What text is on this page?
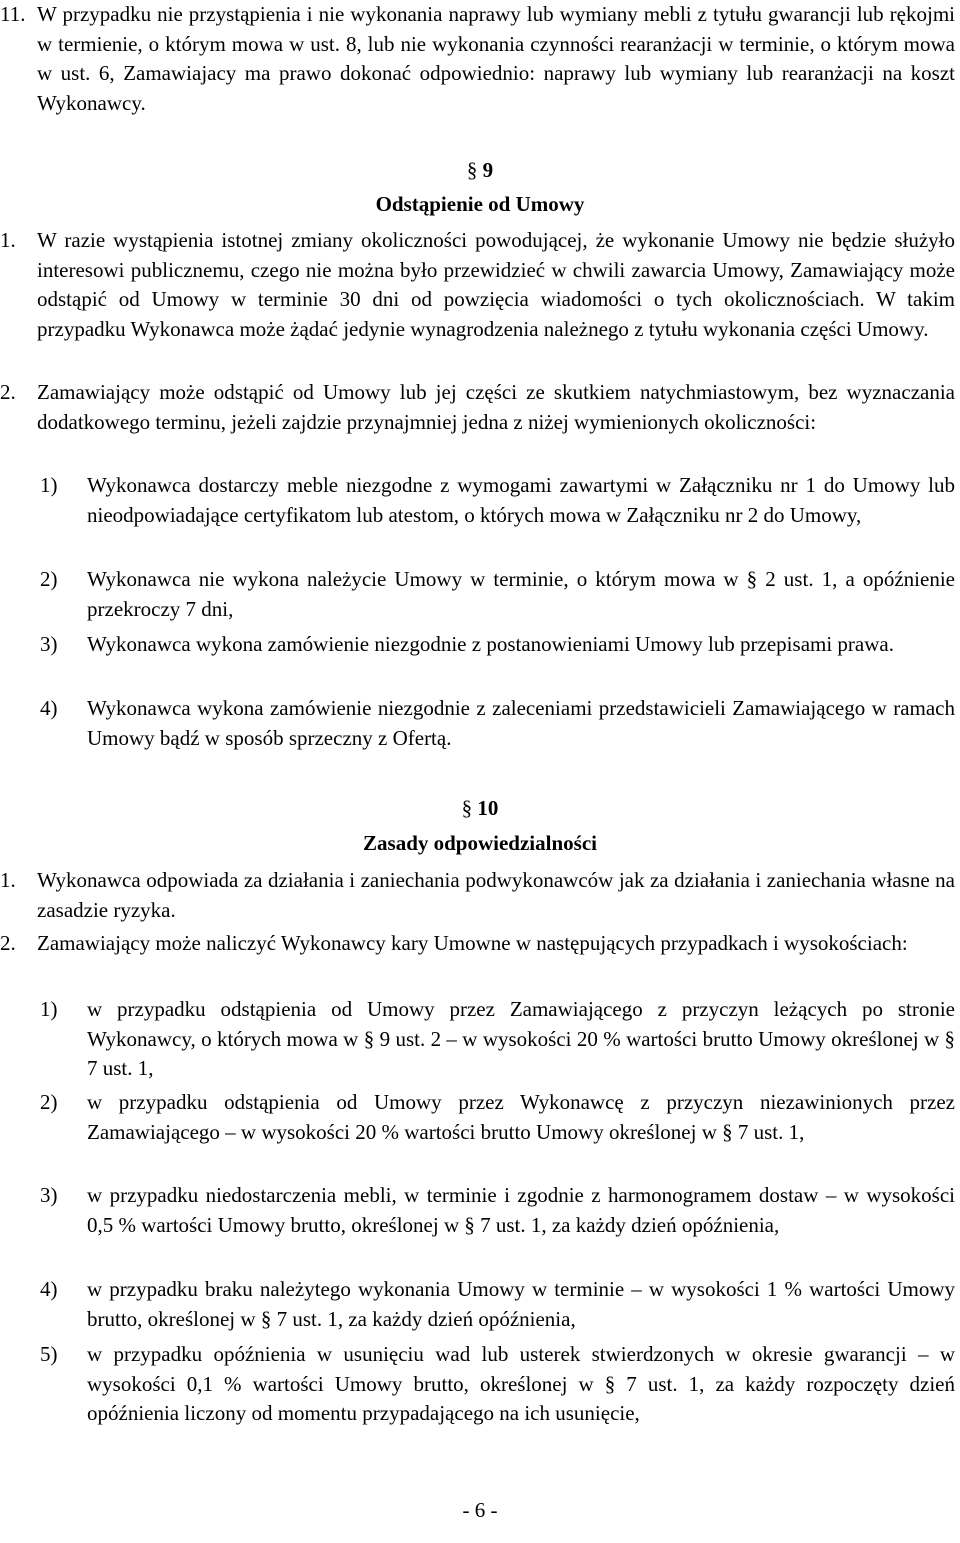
11. W przypadku nie przystąpienia i nie wykonania naprawy lub wymiany mebli z tytułu gwarancji lub rękojmi w termienie, o którym mowa w ust. 8, lub nie wykonania czynności rearanżacji w terminie, o którym mowa w ust. 6, Zamawiajacy ma prawo dokonać odpowiednio: naprawy lub wymiany lub rearanżacji na koszt Wykonawcy.
§ 9
Odstąpienie od Umowy
1.	W razie wystąpienia istotnej zmiany okoliczności powodującej, że wykonanie Umowy nie będzie służyło interesowi publicznemu, czego nie można było przewidzieć w chwili zawarcia Umowy, Zamawiający może odstąpić od Umowy w terminie 30 dni od powzięcia wiadomości o tych okolicznościach. W takim przypadku Wykonawca może żądać jedynie wynagrodzenia należnego z tytułu wykonania części Umowy.
2.	Zamawiający może odstąpić od Umowy lub jej części ze skutkiem natychmiastowym, bez wyznaczania dodatkowego terminu, jeżeli zajdzie przynajmniej jedna z niżej wymienionych okoliczności:
1)	Wykonawca dostarczy meble niezgodne z wymogami zawartymi w Załączniku nr 1 do Umowy lub nieodpowiadające certyfikatom lub atestom, o których mowa w Załączniku nr 2 do Umowy,
2)	Wykonawca nie wykona należycie Umowy w terminie, o którym mowa w § 2 ust. 1, a opóźnienie przekroczy 7 dni,
3)	Wykonawca wykona zamówienie niezgodnie z postanowieniami Umowy lub przepisami prawa.
4)	Wykonawca wykona zamówienie niezgodnie z zaleceniami przedstawicieli Zamawiającego w ramach Umowy bądź w sposób sprzeczny z Ofertą.
§ 10
Zasady odpowiedzialności
1.	Wykonawca odpowiada za działania i zaniechania podwykonawców jak za działania i zaniechania własne na zasadzie ryzyka.
2.	Zamawiający może naliczyć Wykonawcy kary Umowne w następujących przypadkach i wysokościach:
1)	w przypadku odstąpienia od Umowy przez Zamawiającego z przyczyn leżących po stronie Wykonawcy, o których mowa w § 9 ust. 2 – w wysokości 20 % wartości brutto Umowy określonej w § 7 ust. 1,
2)	w przypadku odstąpienia od Umowy przez Wykonawcę z przyczyn niezawinionych przez Zamawiającego – w wysokości 20 % wartości brutto Umowy określonej w § 7 ust. 1,
3)	w przypadku niedostarczenia mebli, w terminie i zgodnie z harmonogramem dostaw – w wysokości 0,5 % wartości Umowy brutto, określonej w § 7 ust. 1, za każdy dzień opóźnienia,
4)	w przypadku braku należytego wykonania Umowy w terminie – w wysokości 1 % wartości Umowy brutto, określonej w § 7 ust. 1, za każdy dzień opóźnienia,
5)	w przypadku opóźnienia w usunięciu wad lub usterek stwierdzonych w okresie gwarancji – w wysokości 0,1 % wartości Umowy brutto, określonej w § 7 ust. 1, za każdy rozpoczęty dzień opóźnienia liczony od momentu przypadającego na ich usunięcie,
- 6 -
